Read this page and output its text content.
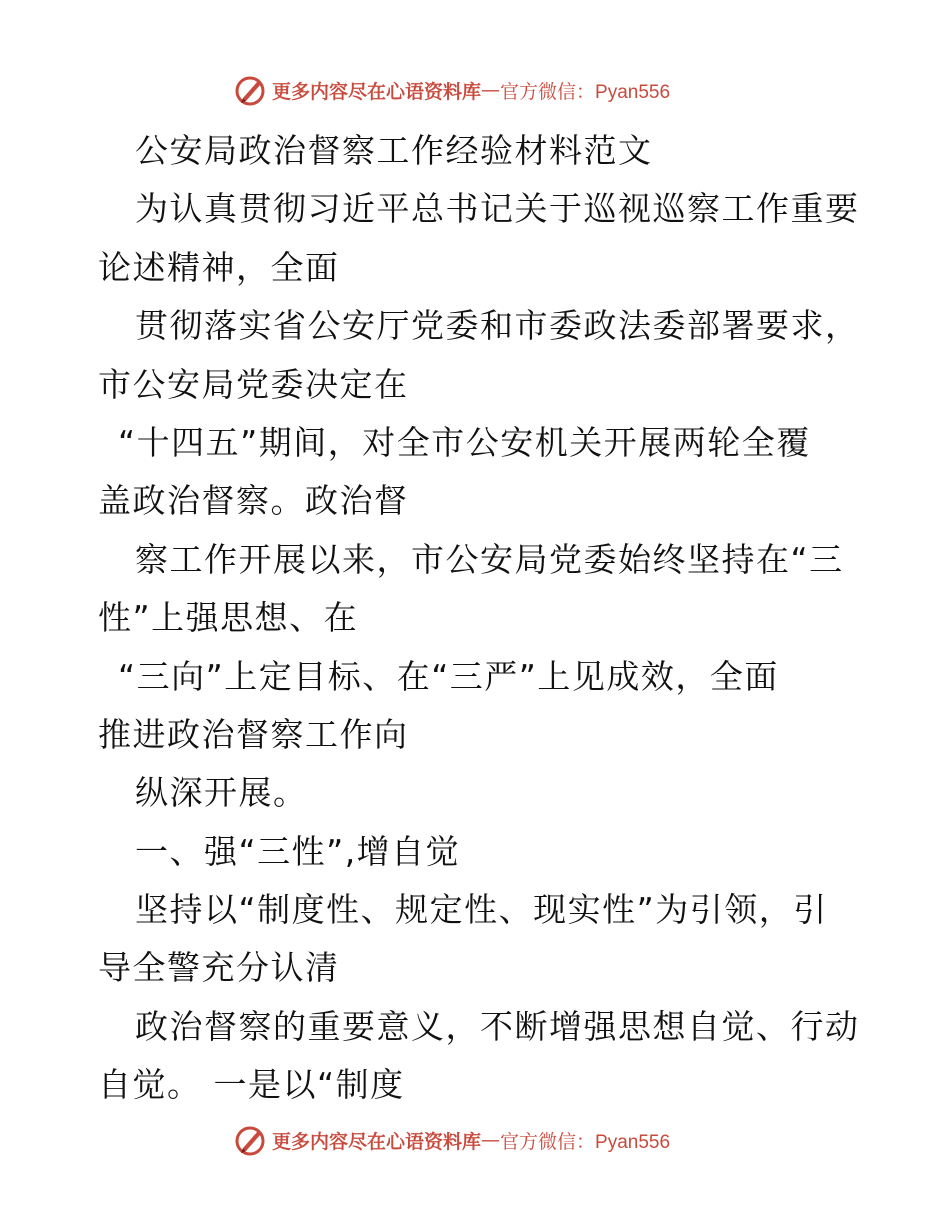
更多内容尽在心语资料库 — 官方微信：Pyan556
公安局政治督察工作经验材料范文
为认真贯彻习近平总书记关于巡视巡察工作重要
论述精神，全面
贯彻落实省公安厅党委和市委政法委部署要求，
市公安局党委决定在
“十四五”期间，对全市公安机关开展两轮全覆
盖政治督察。政治督
察工作开展以来，市公安局党委始终坚持在“三
性”上强思想、在
“三向”上定目标、在“三严”上见成效，全面
推进政治督察工作向
纵深开展。
一、强“三性”,增自觉
坚持以“制度性、规定性、现实性”为引领，引
导全警充分认清
政治督察的重要意义，不断增强思想自觉、行动
自觉。 一是以“制度
更多内容尽在心语资料库 — 官方微信：Pyan556
